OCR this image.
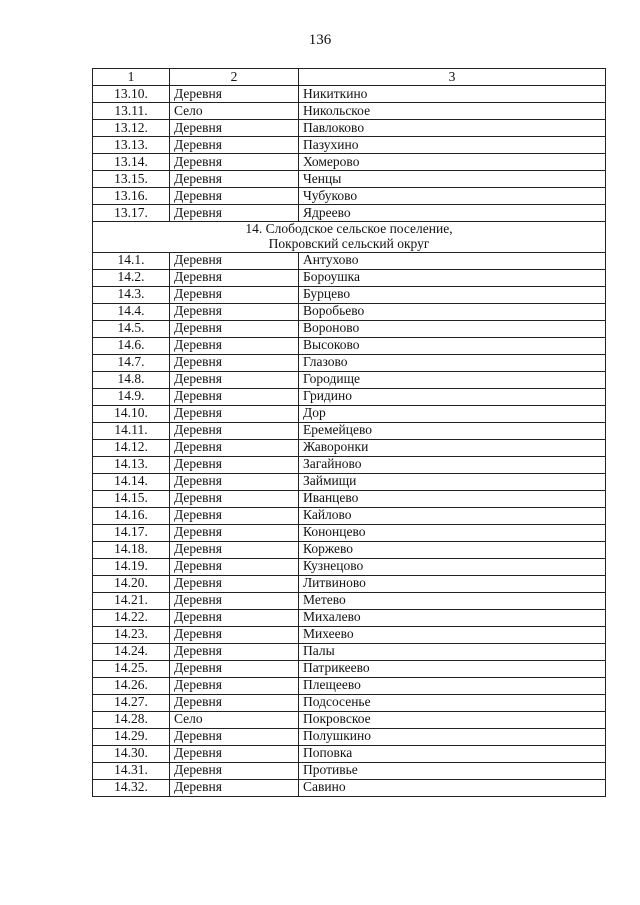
136
1	2	3
13.10.	Деревня	Никиткино
13.11.	Село	Никольское
13.12.	Деревня	Павлоково
13.13.	Деревня	Пазухино
13.14.	Деревня	Хомерово
13.15.	Деревня	Ченцы
13.16.	Деревня	Чубуково
13.17.	Деревня	Ядреево

14. Слободское сельское поселение,
Покровский сельский округ		

14.1.	Деревня	Антухово
14.2.	Деревня	Бороушка
14.3.	Деревня	Бурцево
14.4.	Деревня	Воробьево
14.5.	Деревня	Вороново
14.6.	Деревня	Высоково
14.7.	Деревня	Глазово
14.8.	Деревня	Городище
14.9.	Деревня	Гридино
14.10.	Деревня	Дор
14.11.	Деревня	Еремейцево
14.12.	Деревня	Жаворонки
14.13.	Деревня	Загайново
14.14.	Деревня	Займищи
14.15.	Деревня	Иванцево
14.16.	Деревня	Кайлово
14.17.	Деревня	Кононцево
14.18.	Деревня	Коржево
14.19.	Деревня	Кузнецово
14.20.	Деревня	Литвиново
14.21.	Деревня	Метево
14.22.	Деревня	Михалево
14.23.	Деревня	Михеево
14.24.	Деревня	Палы
14.25.	Деревня	Патрикеево
14.26.	Деревня	Плещеево
14.27.	Деревня	Подсосенье
14.28.	Село	Покровское
14.29.	Деревня	Полушкино
14.30.	Деревня	Поповка
14.31.	Деревня	Противье
14.32.	Деревня	Савино
